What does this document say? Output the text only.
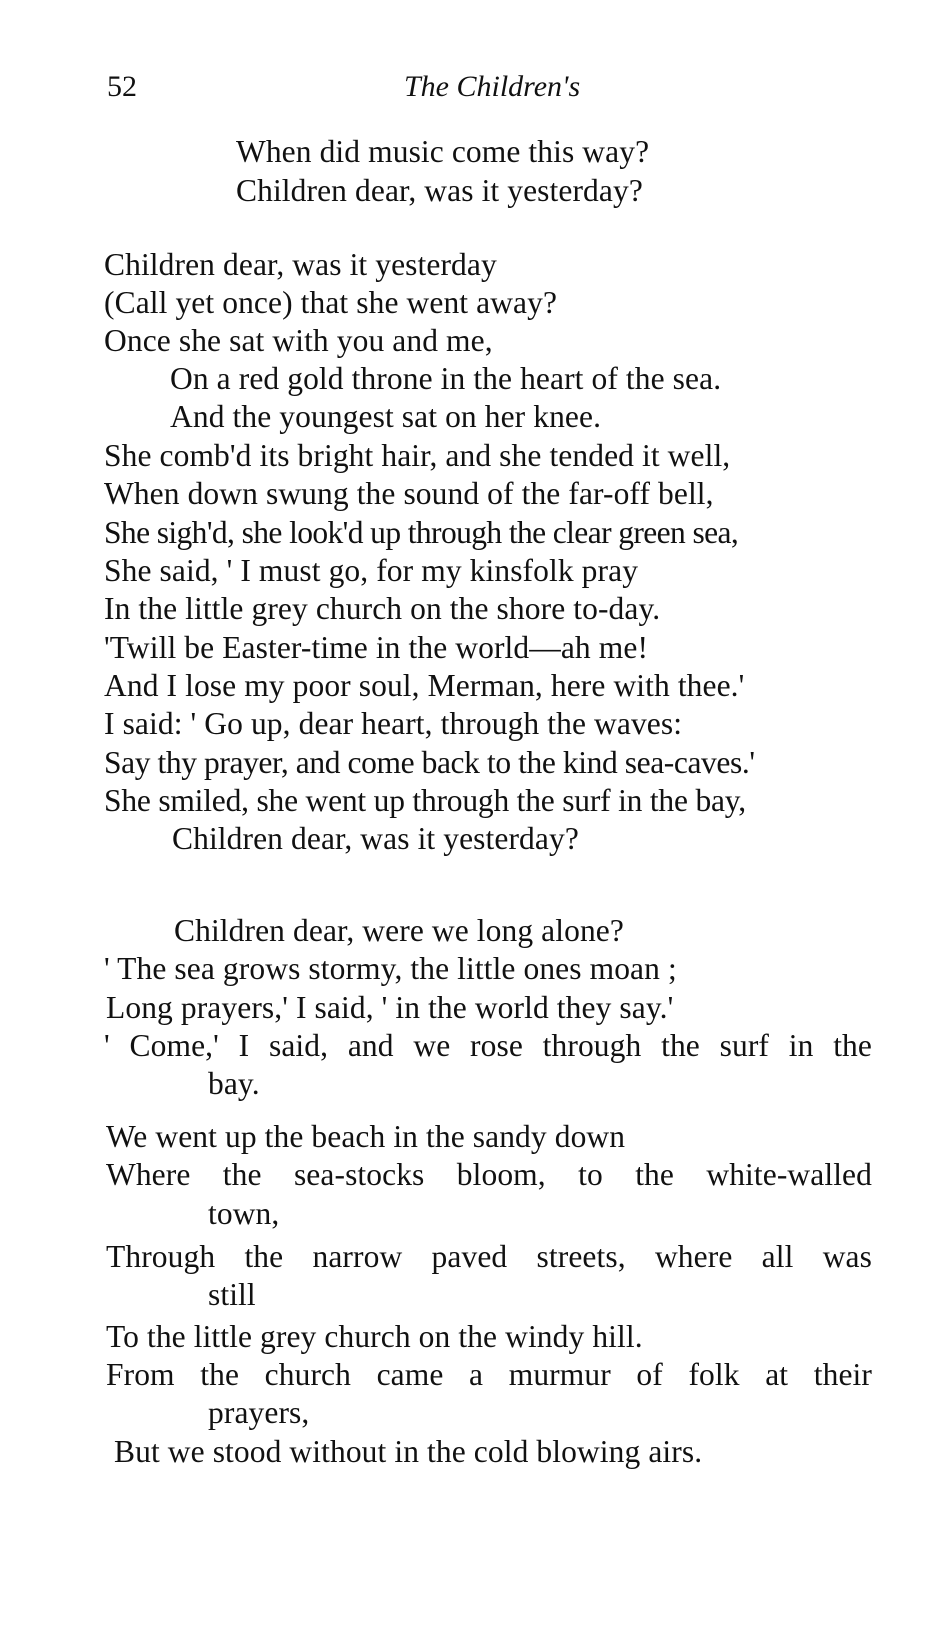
52	The Children's
When did music come this way?
Children dear, was it yesterday?
Children dear, was it yesterday
(Call yet once) that she went away?
Once she sat with you and me,
On a red gold throne in the heart of the sea.
And the youngest sat on her knee.
She comb'd its bright hair, and she tended it well,
When down swung the sound of the far-off bell,
She sigh'd, she look'd up through the clear green sea,
She said, ' I must go, for my kinsfolk pray
In the little grey church on the shore to-day.
'Twill be Easter-time in the world—ah me!
And I lose my poor soul, Merman, here with thee.'
I said: ' Go up, dear heart, through the waves:
Say thy prayer, and come back to the kind sea-caves.'
She smiled, she went up through the surf in the bay,
Children dear, was it yesterday?
Children dear, were we long alone?
' The sea grows stormy, the little ones moan ;
Long prayers,' I said, ' in the world they say.'
' Come,' I said, and we rose through the surf in the
bay.
We went up the beach in the sandy down
Where the sea-stocks bloom, to the white-walled
town,
Through the narrow paved streets, where all was
still
To the little grey church on the windy hill.
From the church came a murmur of folk at their
prayers,
But we stood without in the cold blowing airs.
